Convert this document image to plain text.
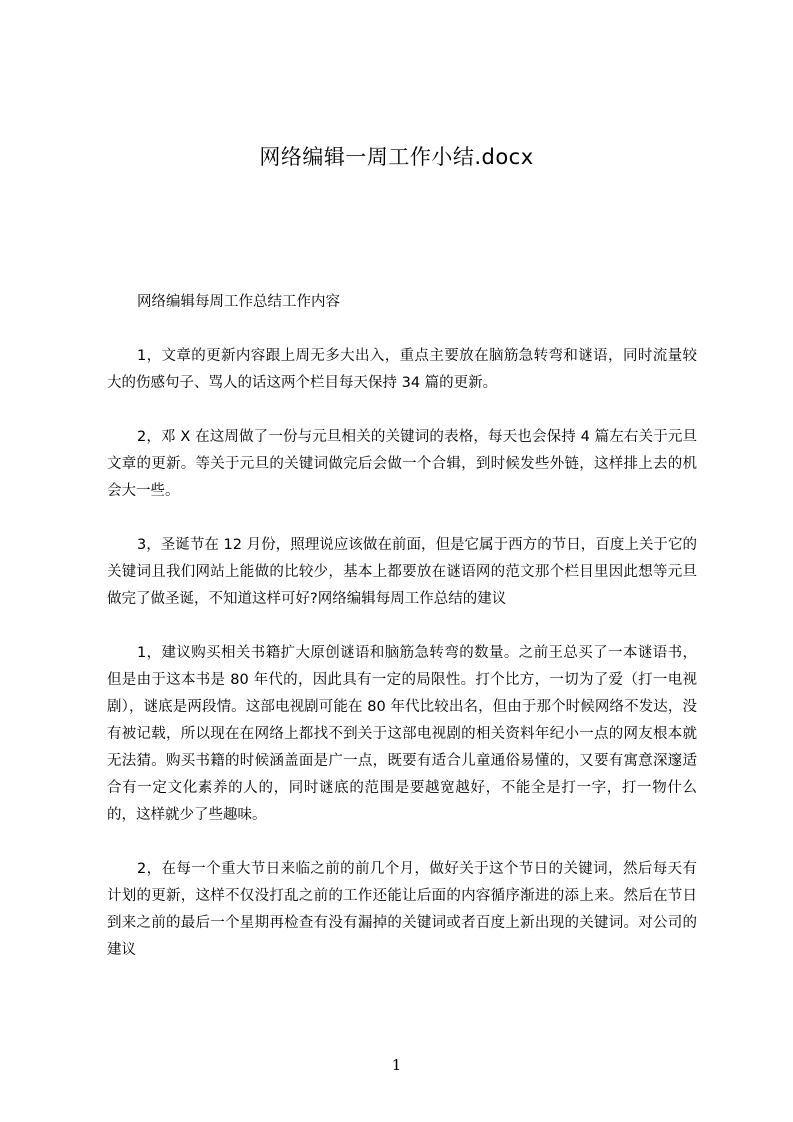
网络编辑一周工作小结.docx

网络编辑每周工作总结工作内容

1，文章的更新内容跟上周无多大出入，重点主要放在脑筋急转弯和谜语，同时流量较大的伤感句子、骂人的话这两个栏目每天保持 34 篇的更新。

2，邓 X 在这周做了一份与元旦相关的关键词的表格，每天也会保持 4 篇左右关于元旦文章的更新。等关于元旦的关键词做完后会做一个合辑，到时候发些外链，这样排上去的机会大一些。

3，圣诞节在 12 月份，照理说应该做在前面，但是它属于西方的节日，百度上关于它的关键词且我们网站上能做的比较少，基本上都要放在谜语网的范文那个栏目里因此想等元旦做完了做圣诞，不知道这样可好?网络编辑每周工作总结的建议

1，建议购买相关书籍扩大原创谜语和脑筋急转弯的数量。之前王总买了一本谜语书，但是由于这本书是 80 年代的，因此具有一定的局限性。打个比方，一切为了爱（打一电视剧），谜底是两段情。这部电视剧可能在 80 年代比较出名，但由于那个时候网络不发达，没有被记载，所以现在在网络上都找不到关于这部电视剧的相关资料年纪小一点的网友根本就无法猜。购买书籍的时候涵盖面是广一点，既要有适合儿童通俗易懂的，又要有寓意深邃适合有一定文化素养的人的，同时谜底的范围是要越宽越好，不能全是打一字，打一物什么的，这样就少了些趣味。

2，在每一个重大节日来临之前的前几个月，做好关于这个节日的关键词，然后每天有计划的更新，这样不仅没打乱之前的工作还能让后面的内容循序渐进的添上来。然后在节日到来之前的最后一个星期再检查有没有漏掉的关键词或者百度上新出现的关键词。对公司的建议

1
